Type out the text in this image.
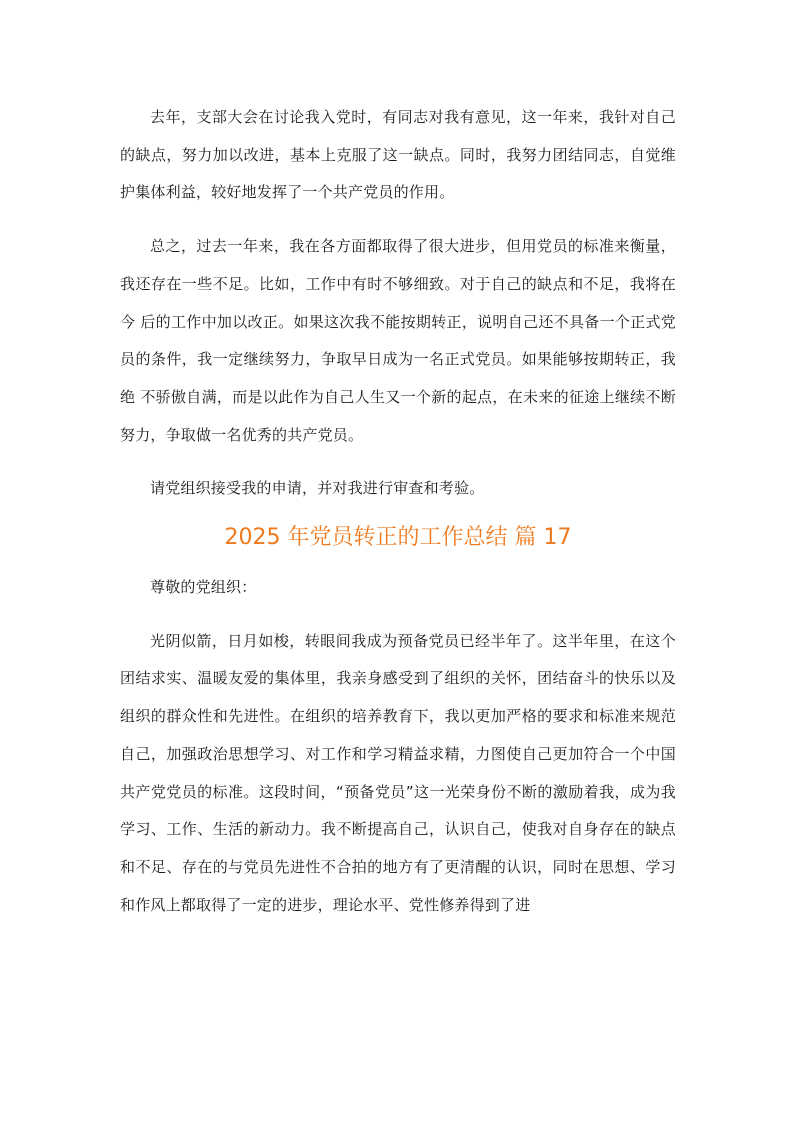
去年，支部大会在讨论我入党时，有同志对我有意见，这一年来，我针对自己的缺点，努力加以改进，基本上克服了这一缺点。同时，我努力团结同志，自觉维护集体利益，较好地发挥了一个共产党员的作用。

总之，过去一年来，我在各方面都取得了很大进步，但用党员的标准来衡量，我还存在一些不足。比如，工作中有时不够细致。对于自己的缺点和不足，我将在今 后的工作中加以改正。如果这次我不能按期转正，说明自己还不具备一个正式党员的条件，我一定继续努力，争取早日成为一名正式党员。如果能够按期转正，我绝 不骄傲自满，而是以此作为自己人生又一个新的起点，在未来的征途上继续不断努力，争取做一名优秀的共产党员。

请党组织接受我的申请，并对我进行审查和考验。

2025 年党员转正的工作总结 篇 17

尊敬的党组织：

光阴似箭，日月如梭，转眼间我成为预备党员已经半年了。这半年里，在这个团结求实、温暖友爱的集体里，我亲身感受到了组织的关怀，团结奋斗的快乐以及组织的群众性和先进性。在组织的培养教育下，我以更加严格的要求和标准来规范自己，加强政治思想学习、对工作和学习精益求精，力图使自己更加符合一个中国共产党党员的标准。这段时间，“预备党员”这一光荣身份不断的激励着我，成为我学习、工作、生活的新动力。我不断提高自己，认识自己，使我对自身存在的缺点和不足、存在的与党员先进性不合拍的地方有了更清醒的认识，同时在思想、学习和作风上都取得了一定的进步，理论水平、党性修养得到了进
